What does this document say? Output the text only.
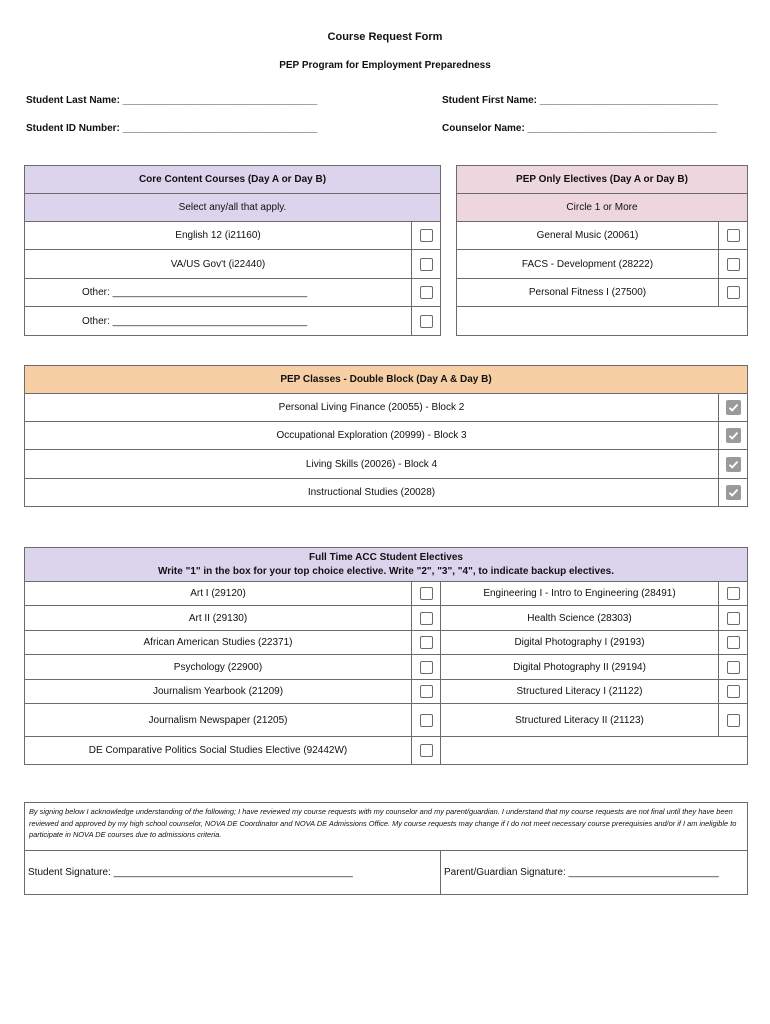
Course Request Form
PEP Program for Employment Preparedness
Student Last Name: ___________________________________	Student First Name: ________________________________
Student ID Number: ___________________________________	Counselor Name: __________________________________
Core Content Courses (Day A or Day B)	
Select any/all that apply.	
English 12 (i21160)	
VA/US Gov't (i22440)	
Other: ___________________________________	
Other: ___________________________________	
PEP Only Electives (Day A or Day B)	
Circle 1 or More	
General Music (20061)	
FACS - Development (28222)	
Personal Fitness I (27500)	

PEP Classes - Double Block (Day A & Day B)	
Personal Living Finance (20055) - Block 2	

Occupational Exploration (20999) - Block 3	

Living Skills (20026) - Block 4	

Instructional Studies (20028)	
Full Time ACC Student Electives
Write "1" in the box for your top choice elective. Write "2", "3", "4", to indicate backup electives.			

Art I (29120)		Engineering I - Intro to Engineering (28491)	
Art II (29130)		Health Science (28303)	
African American Studies (22371)		Digital Photography I (29193)	
Psychology (22900)		Digital Photography II (29194)	
Journalism Yearbook (21209)		Structured Literacy I (21122)	
Journalism Newspaper (21205)		Structured Literacy II (21123)	
DE Comparative Politics Social Studies Elective (92442W)			
By signing below I acknowledge understanding of the following; I have reviewed my course requests with my counselor and my parent/guardian. I understand that my course requests are not final until they have been reviewed and approved by my high school counselor, NOVA DE Coordinator and NOVA DE Admissions Office. My course requests may change if I do not meet necessary course prerequisies and/or if I am ineligible to participate in NOVA DE courses due to admissions criteria.
Student Signature: ___________________________________________	Parent/Guardian Signature: ___________________________
